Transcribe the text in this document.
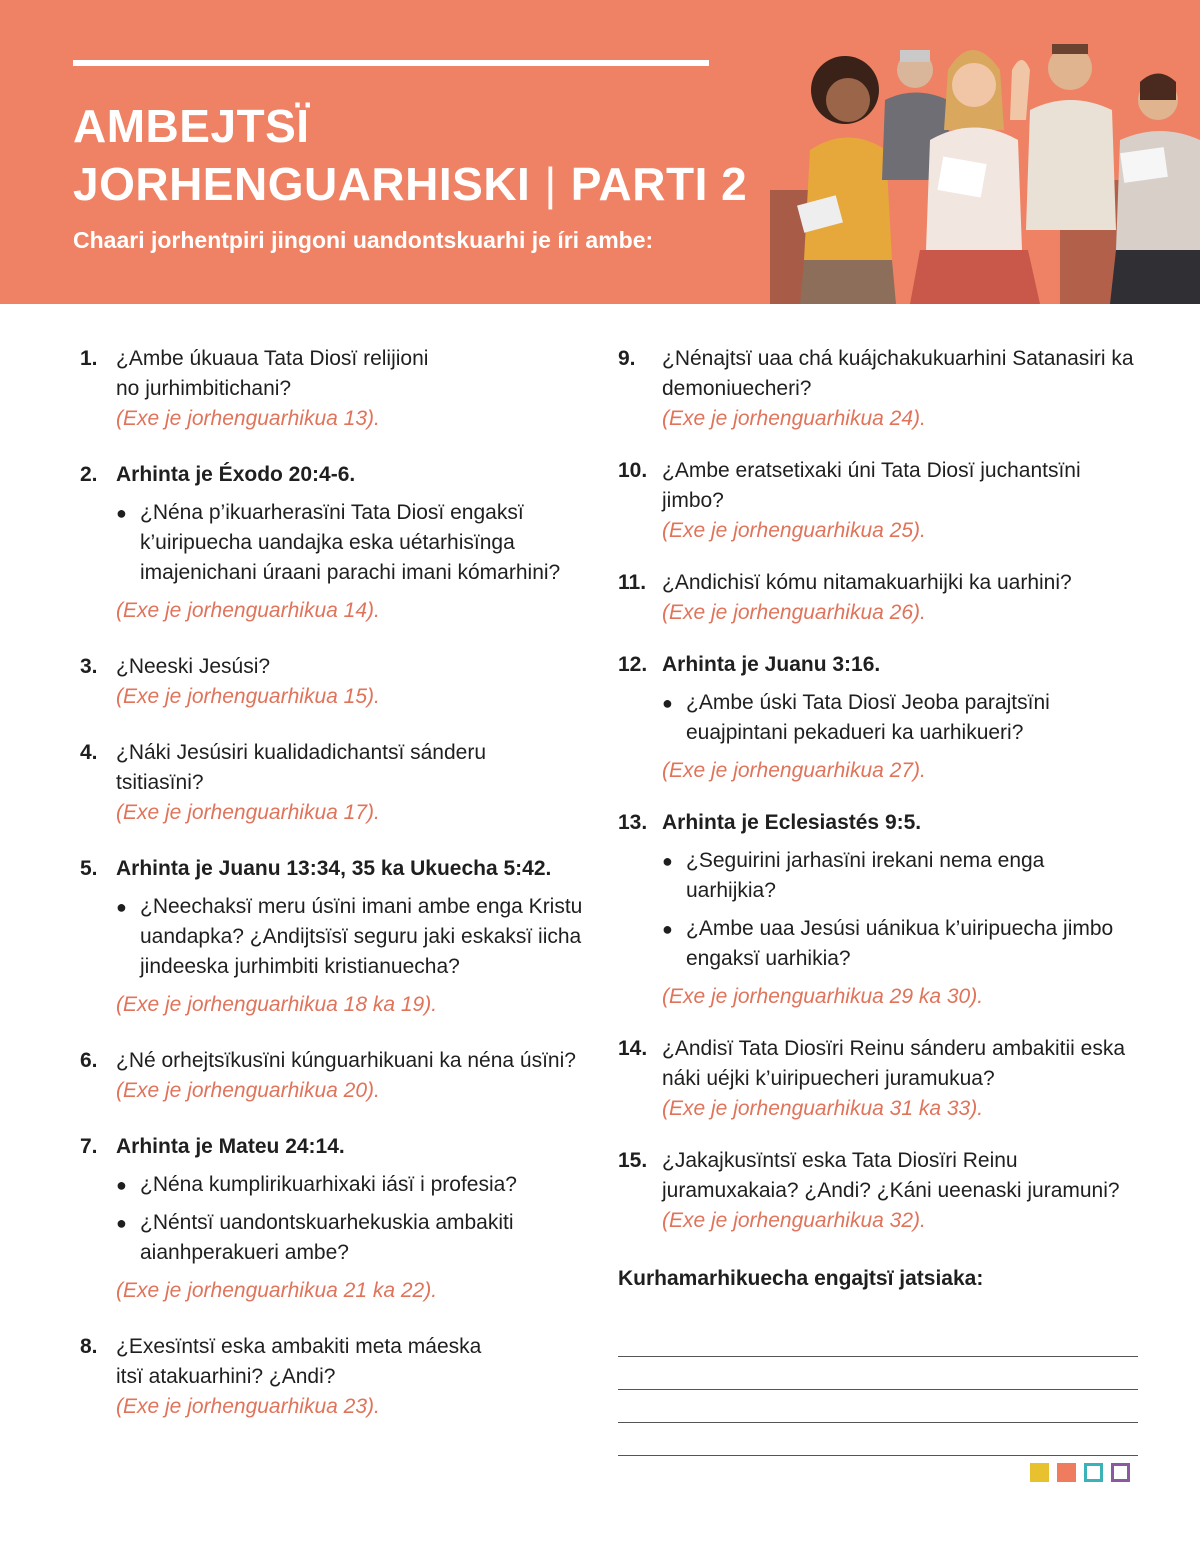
AMBEJTSÏ
JORHENGUARHISKI | PARTI 2

Chaari jorhentpiri jingoni uandontskuarhi je íri ambe:

1. ¿Ambe úkuaua Tata Diosï relijioni no jurhimbitichani?
(Exe je jorhenguarhikua 13).
2. Arhinta je Éxodo 20:4-6.
● ¿Néna p’ikuarherasïni Tata Diosï engaksï k’uiripuecha uandajka eska uétarhisïnga imajenichani úraani parachi imani kómarhini?
(Exe je jorhenguarhikua 14).
3. ¿Neeski Jesúsi?
(Exe je jorhenguarhikua 15).
4. ¿Náki Jesúsiri kualidadichantsï sánderu tsitiasïni?
(Exe je jorhenguarhikua 17).
5. Arhinta je Juanu 13:34, 35 ka Ukuecha 5:42.
● ¿Neechaksï meru úsïni imani ambe enga Kristu uandapka? ¿Andijtsïsï seguru jaki eskaksï iicha jindeeska jurhimbiti kristianuecha?
(Exe je jorhenguarhikua 18 ka 19).
6. ¿Né orhejtsïkusïni kúnguarhikuani ka néna úsïni?
(Exe je jorhenguarhikua 20).
7. Arhinta je Mateu 24:14.
● ¿Néna kumplirikuarhixaki iásï i profesia?
● ¿Néntsï uandontskuarhekuskia ambakiti aianhperakueri ambe?
(Exe je jorhenguarhikua 21 ka 22).
8. ¿Exesïntsï eska ambakiti meta máeska itsï atakuarhini? ¿Andi?
(Exe je jorhenguarhikua 23).
9. ¿Nénajtsï uaa chá kuájchakukuarhini Satanasiri ka demoniuecheri?
(Exe je jorhenguarhikua 24).
10. ¿Ambe eratsetixaki úni Tata Diosï juchantsïni jimbo?
(Exe je jorhenguarhikua 25).
11. ¿Andichisï kómu nitamakuarhijki ka uarhini?
(Exe je jorhenguarhikua 26).
12. Arhinta je Juanu 3:16.
● ¿Ambe úski Tata Diosï Jeoba parajtsïni euajpintani pekadueri ka uarhikueri?
(Exe je jorhenguarhikua 27).
13. Arhinta je Eclesiastés 9:5.
● ¿Seguirini jarhasïni irekani nema enga uarhijkia?
● ¿Ambe uaa Jesúsi uánikua k’uiripuecha jimbo engaksï uarhikia?
(Exe je jorhenguarhikua 29 ka 30).
14. ¿Andisï Tata Diosïri Reinu sánderu ambakitii eska náki uéjki k’uiripuecheri juramukua?
(Exe je jorhenguarhikua 31 ka 33).
15. ¿Jakajkusïntsï eska Tata Diosïri Reinu juramuxakaia? ¿Andi? ¿Káni ueenaski juramuni?
(Exe je jorhenguarhikua 32).

Kurhamarhikuecha engajtsï jatsiaka:
